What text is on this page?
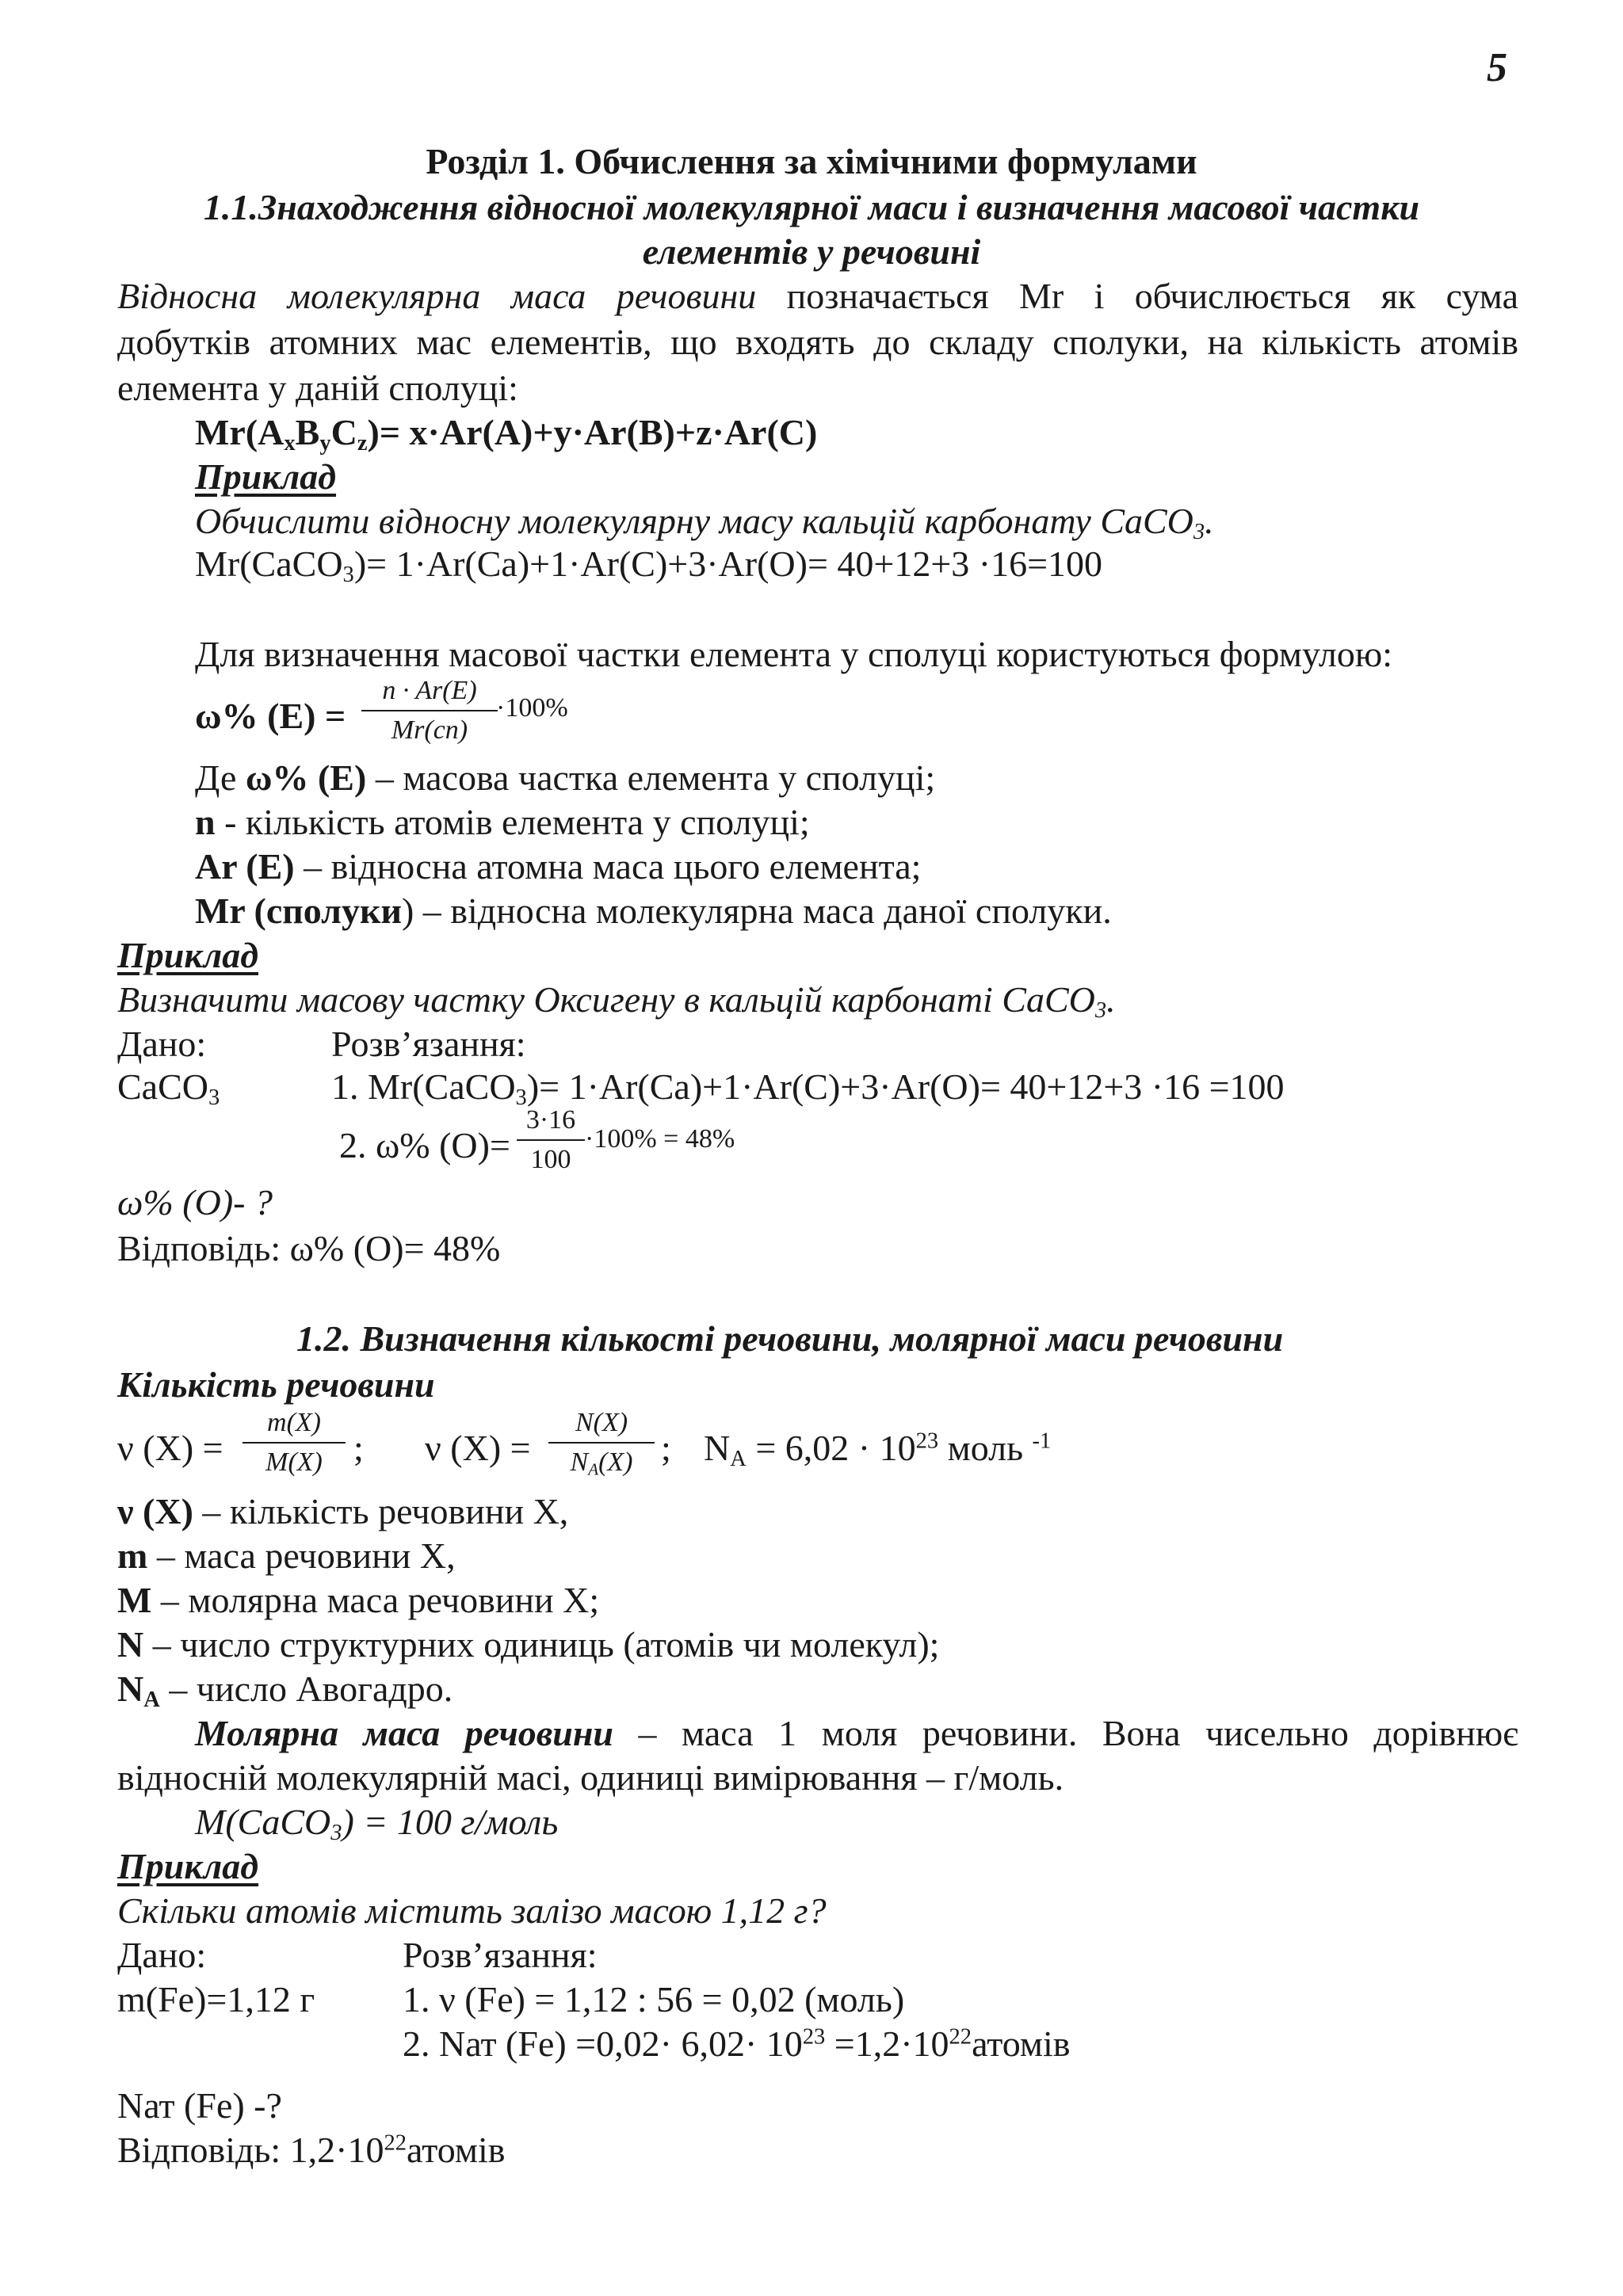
5
Розділ 1. Обчислення за хімічними формулами
1.1.Знаходження відносної молекулярної маси і визначення масової частки
елементів у речовині
Відносна молекулярна маса речовини позначається Mr і обчислюється як сума
добутків атомних мас елементів, що входять до складу сполуки, на кількість атомів
елемента у даній сполуці:
$Mr(A_xB_yC_z)= x\cdot Ar(A)+y\cdot Ar(B)+z\cdot Ar(C)$
Приклад
Обчислити відносну молекулярну масу кальцій карбонату CaCO$_3$.
Mr(CaCO$_3$)= 1·Ar(Ca)+1·Ar(C)+3·Ar(O)= 40+12+3 ·16=100
Для визначення масової частки елемента у сполуці користуються формулою:
ω% (E) =
n · Ar(E)
Mr(cn)
·100%
Де ω% (E) – масова частка елемента у сполуці;
n - кількість атомів елемента у сполуці;
Ar (E) – відносна атомна маса цього елемента;
Mr (сполуки) – відносна молекулярна маса даної сполуки.
Приклад
Визначити масову частку Оксигену в кальцій карбонаті CaCO$_3$.
Дано:	Розв’язання:
CaCO$_3$	1. Mr(CaCO$_3$)= 1·Ar(Ca)+1·Ar(C)+3·Ar(O)= 40+12+3 ·16 =100
2. ω% (O)=
3·16
100
·100% = 48%
ω% (O)- ?
Відповідь: ω% (O)= 48%
1.2. Визначення кількості речовини, молярної маси речовини
Кількість речовини
ν (X) =
m(X)
M(X) ; ν (X) =
N(X)
$N_A(X)$ ; $N_A = 6,02 \cdot 10^{23}$ моль $^{-1}$
ν (X) – кількість речовини X,
m – маса речовини X,
M – молярна маса речовини X;
N – число структурних одиниць (атомів чи молекул);
$N_A$ – число Авогадро.
Молярна маса речовини – маса 1 моля речовини. Вона чисельно дорівнює
відносній молекулярній масі, одиниці вимірювання – г/моль.
M(CaCO$_3$) = 100 г/моль
Приклад
Скільки атомів містить залізо масою 1,12 г?
Дано:	Розв’язання:
m(Fe)=1,12 г 1. ν (Fe) = 1,12 : 56 = 0,02 (моль)
2. Nат $(Fe) =0,02\cdot 6,02\cdot 10^{23}$ $=1,2\cdot 10^{22}атомів$
Nат (Fe) -?
Відповідь: $1,2\cdot 10^{22}атомів$
